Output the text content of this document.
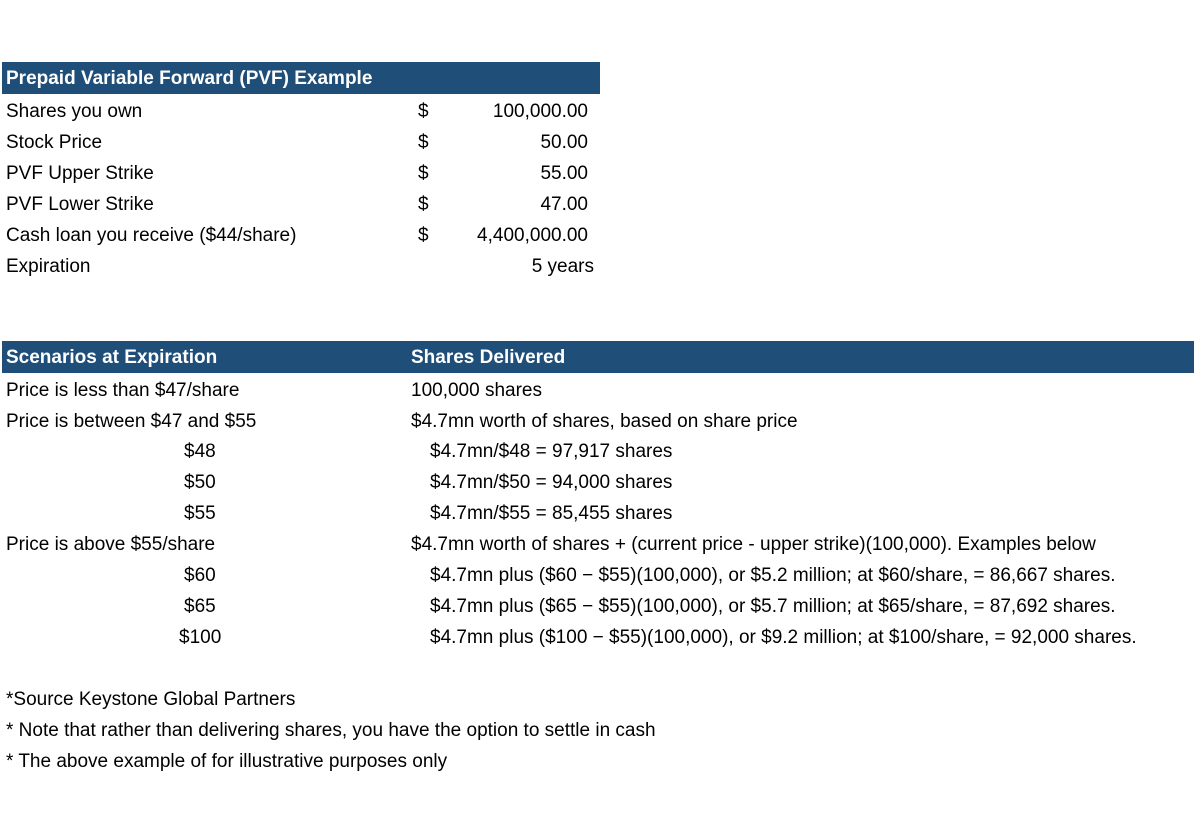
Prepaid Variable Forward (PVF) Example
Shares you own	$	100,000.00
Stock Price	$	50.00
PVF Upper Strike	$	55.00
PVF Lower Strike	$	47.00
Cash loan you receive ($44/share)	$	4,400,000.00
Expiration	5 years
Scenarios at Expiration	Shares Delivered
Price is less than $47/share	100,000 shares
Price is between $47 and $55	$4.7mn worth of shares, based on share price
$48	$4.7mn/$48 = 97,917 shares
$50	$4.7mn/$50 = 94,000 shares
$55	$4.7mn/$55 = 85,455 shares
Price is above $55/share	$4.7mn worth of shares + (current price - upper strike)(100,000). Examples below
$60	$4.7mn plus ($60 − $55)(100,000), or $5.2 million; at $60/share, = 86,667 shares.
$65	$4.7mn plus ($65 − $55)(100,000), or $5.7 million; at $65/share, = 87,692 shares.
$100	$4.7mn plus ($100 − $55)(100,000), or $9.2 million; at $100/share, = 92,000 shares.
*Source Keystone Global Partners
* Note that rather than delivering shares, you have the option to settle in cash
* The above example of for illustrative purposes only
